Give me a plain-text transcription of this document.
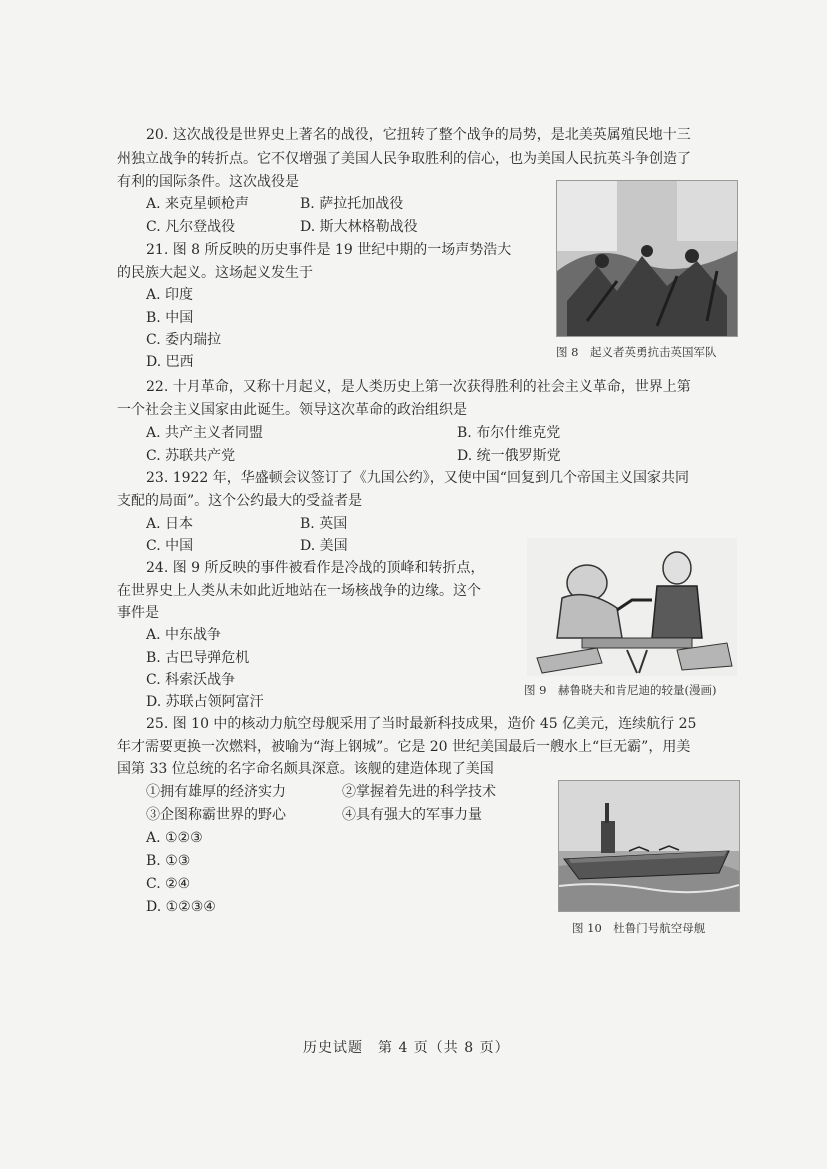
20. 这次战役是世界史上著名的战役，它扭转了整个战争的局势，是北美英属殖民地十三
州独立战争的转折点。它不仅增强了美国人民争取胜利的信心，也为美国人民抗英斗争创造了
有利的国际条件。这次战役是
A. 来克星顿枪声	B. 萨拉托加战役
C. 凡尔登战役	D. 斯大林格勒战役
21. 图 8 所反映的历史事件是 19 世纪中期的一场声势浩大
的民族大起义。这场起义发生于
A. 印度
B. 中国
C. 委内瑞拉
D. 巴西
图 8　起义者英勇抗击英国军队
22. 十月革命，又称十月起义，是人类历史上第一次获得胜利的社会主义革命，世界上第
一个社会主义国家由此诞生。领导这次革命的政治组织是
A. 共产主义者同盟	B. 布尔什维克党
C. 苏联共产党	D. 统一俄罗斯党
23. 1922 年，华盛顿会议签订了《九国公约》，又使中国“回复到几个帝国主义国家共同
支配的局面”。这个公约最大的受益者是
A. 日本	B. 英国
C. 中国	D. 美国
24. 图 9 所反映的事件被看作是冷战的顶峰和转折点，
在世界史上人类从未如此近地站在一场核战争的边缘。这个
事件是
A. 中东战争
B. 古巴导弹危机
C. 科索沃战争
D. 苏联占领阿富汗
图 9　赫鲁晓夫和肯尼迪的较量(漫画)
25. 图 10 中的核动力航空母舰采用了当时最新科技成果，造价 45 亿美元，连续航行 25
年才需要更换一次燃料，被喻为“海上钢城”。它是 20 世纪美国最后一艘水上“巨无霸”，用美
国第 33 位总统的名字命名颇具深意。该舰的建造体现了美国
①拥有雄厚的经济实力	②掌握着先进的科学技术
③企图称霸世界的野心	④具有强大的军事力量
A. ①②③
B. ①③
C. ②④
D. ①②③④
图 10　杜鲁门号航空母舰
历史试题　第 4 页（共 8 页）
